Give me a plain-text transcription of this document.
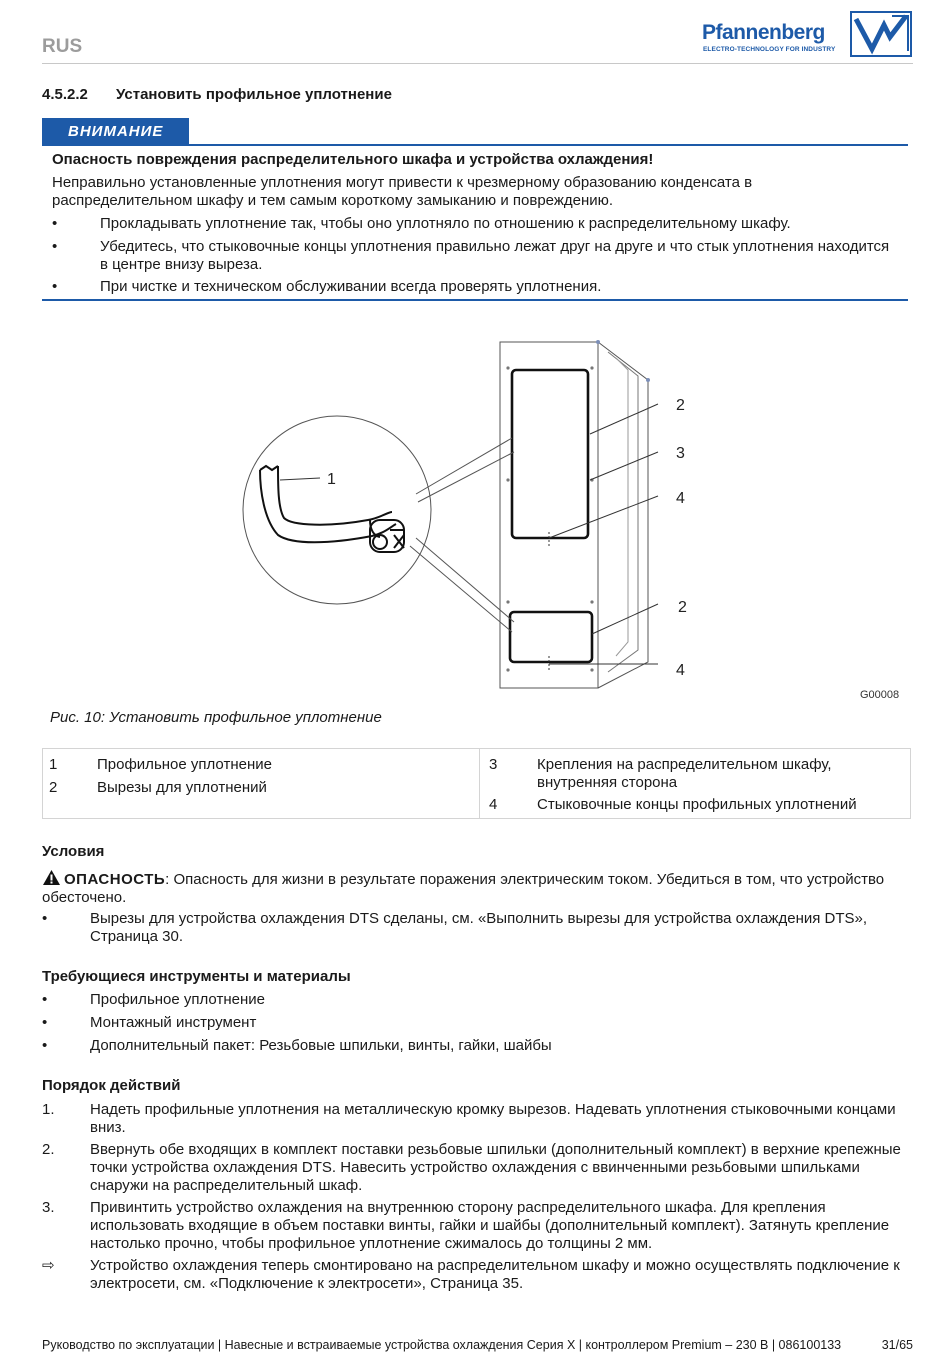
RUS
Pfannenberg
ELECTRO-TECHNOLOGY FOR INDUSTRY
4.5.2.2 Установить профильное уплотнение
ВНИМАНИЕ
Опасность повреждения распределительного шкафа и устройства охлаждения!
Неправильно установленные уплотнения могут привести к чрезмерному образованию конденсата в распределительном шкафу и тем самым короткому замыканию и повреждению.
•	Прокладывать уплотнение так, чтобы оно уплотняло по отношению к распределительному шкафу.
•	Убедитесь, что стыковочные концы уплотнения правильно лежат друг на друге и что стык уплотнения находится в центре внизу выреза.
•	При чистке и техническом обслуживании всегда проверять уплотнения.
1
2
3
4
2
4
G00008
Рис. 10: Установить профильное уплотнение
1	Профильное уплотнение
2	Вырезы для уплотнений
3	Крепления на распределительном шкафу,
внутренняя сторона
4	Стыковочные концы профильных уплотнений
Условия
ОПАСНОСТЬ: Опасность для жизни в результате поражения электрическим током. Убедиться в том, что устройство обесточено.
•	Вырезы для устройства охлаждения DTS сделаны, см. «Выполнить вырезы для устройства охлаждения DTS», Страница 30.
Требующиеся инструменты и материалы
•	Профильное уплотнение
•	Монтажный инструмент
•	Дополнительный пакет: Резьбовые шпильки, винты, гайки, шайбы
Порядок действий
1. Надеть профильные уплотнения на металлическую кромку вырезов. Надевать уплотнения стыковочными концами вниз.
2. Ввернуть обе входящих в комплект поставки резьбовые шпильки (дополнительный комплект) в верхние крепежные точки устройства охлаждения DTS. Навесить устройство охлаждения с ввинченными резьбовыми шпильками снаружи на распределительный шкаф.
3. Привинтить устройство охлаждения на внутреннюю сторону распределительного шкафа. Для крепления использовать входящие в объем поставки винты, гайки и шайбы (дополнительный комплект). Затянуть крепление настолько прочно, чтобы профильное уплотнение сжималось до толщины 2 мм.
⇨ Устройство охлаждения теперь смонтировано на распределительном шкафу и можно осуществлять подключение к электросети, см. «Подключение к электросети», Страница 35.
Руководство по эксплуатации | Навесные и встраиваемые устройства охлаждения Серия X | контроллером Premium – 230 В | 086100133	31/65
